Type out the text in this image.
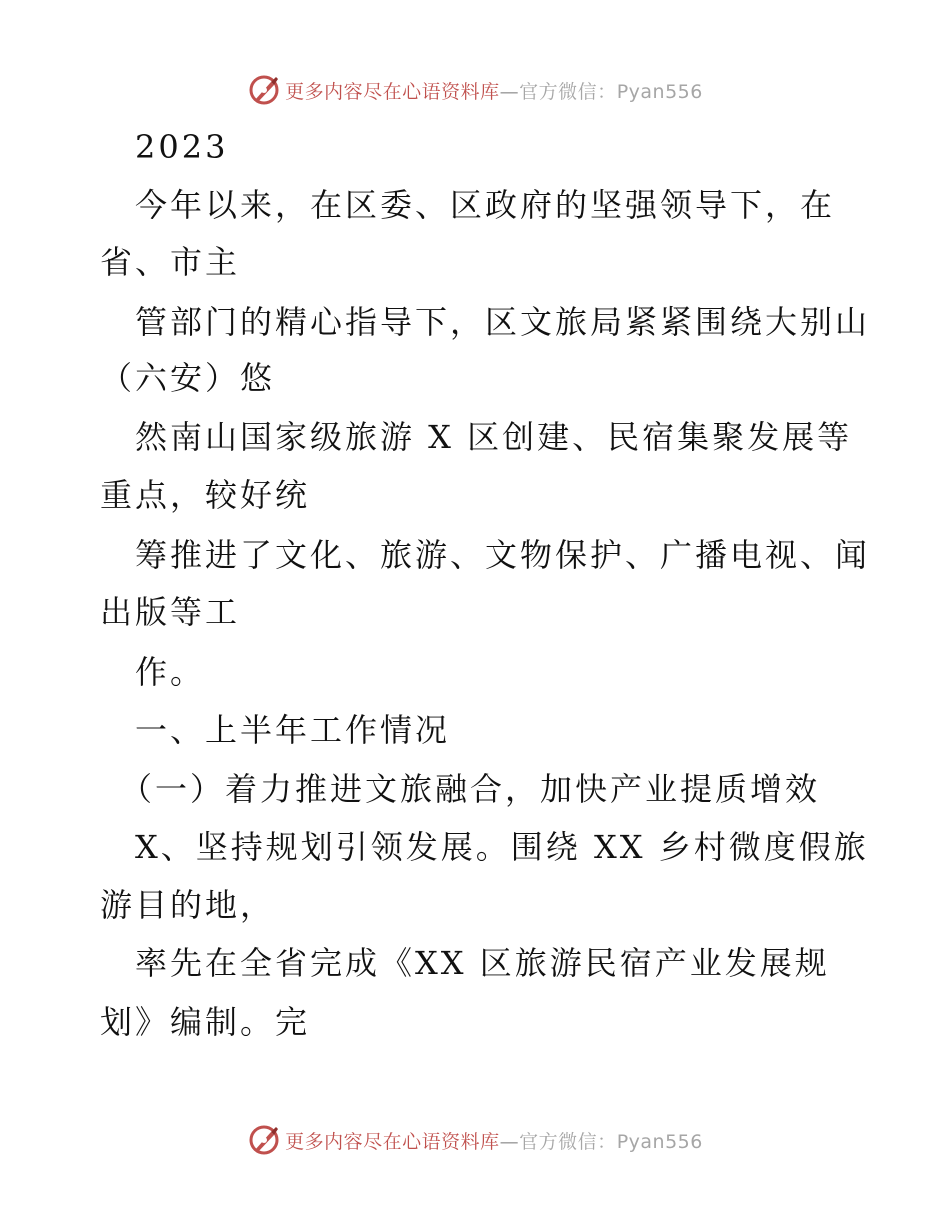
更多内容尽在心语资料库—官方微信：Pyan556
2023
今年以来，在区委、区政府的坚强领导下，在
省、市主
管部门的精心指导下，区文旅局紧紧围绕大别山
（六安）悠
然南山国家级旅游 X 区创建、民宿集聚发展等
重点，较好统
筹推进了文化、旅游、文物保护、广播电视、闻
出版等工
作。
一、上半年工作情况
（一）着力推进文旅融合，加快产业提质增效
X、坚持规划引领发展。围绕 XX 乡村微度假旅
游目的地，
率先在全省完成《XX 区旅游民宿产业发展规
划》编制。完
更多内容尽在心语资料库—官方微信：Pyan556
